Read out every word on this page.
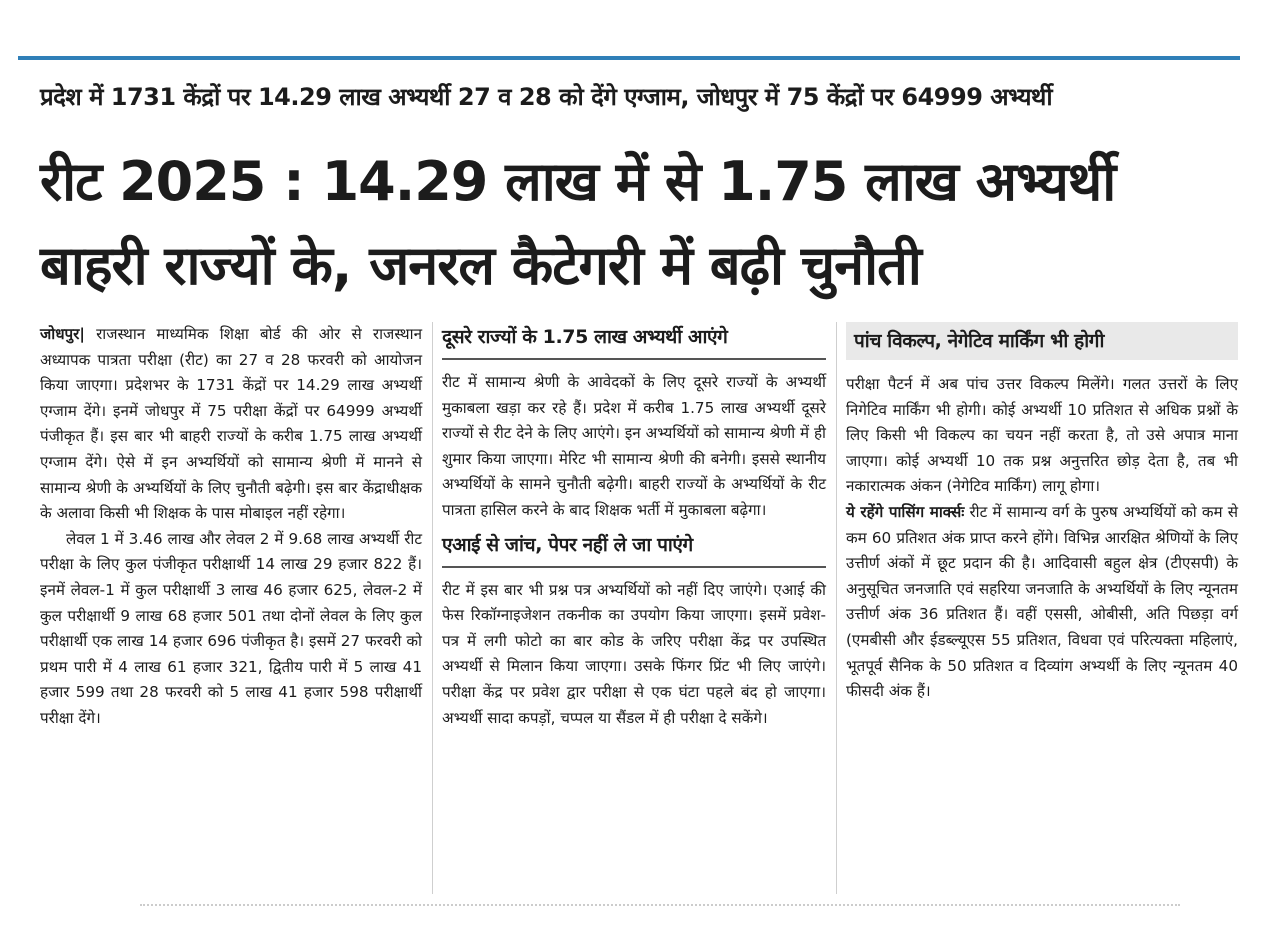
प्रदेश में 1731 केंद्रों पर 14.29 लाख अभ्यर्थी 27 व 28 को देंगे एग्जाम, जोधपुर में 75 केंद्रों पर 64999 अभ्यर्थी
रीट 2025 : 14.29 लाख में से 1.75 लाख अभ्यर्थी
बाहरी राज्यों के, जनरल कैटेगरी में बढ़ी चुनौती

जोधपुर| राजस्थान माध्यमिक शिक्षा बोर्ड की ओर से राजस्थान अध्यापक पात्रता परीक्षा (रीट) का 27 व 28 फरवरी को आयोजन किया जाएगा। प्रदेशभर के 1731 केंद्रों पर 14.29 लाख अभ्यर्थी एग्जाम देंगे। इनमें जोधपुर में 75 परीक्षा केंद्रों पर 64999 अभ्यर्थी पंजीकृत हैं। इस बार भी बाहरी राज्यों के करीब 1.75 लाख अभ्यर्थी एग्जाम देंगे। ऐसे में इन अभ्यर्थियों को सामान्य श्रेणी में मानने से सामान्य श्रेणी के अभ्यर्थियों के लिए चुनौती बढ़ेगी। इस बार केंद्राधीक्षक के अलावा किसी भी शिक्षक के पास मोबाइल नहीं रहेगा।

लेवल 1 में 3.46 लाख और लेवल 2 में 9.68 लाख अभ्यर्थी रीट परीक्षा के लिए कुल पंजीकृत परीक्षार्थी 14 लाख 29 हजार 822 हैं। इनमें लेवल-1 में कुल परीक्षार्थी 3 लाख 46 हजार 625, लेवल-2 में कुल परीक्षार्थी 9 लाख 68 हजार 501 तथा दोनों लेवल के लिए कुल परीक्षार्थी एक लाख 14 हजार 696 पंजीकृत है। इसमें 27 फरवरी को प्रथम पारी में 4 लाख 61 हजार 321, द्वितीय पारी में 5 लाख 41 हजार 599 तथा 28 फरवरी को 5 लाख 41 हजार 598 परीक्षार्थी परीक्षा देंगे।

दूसरे राज्यों के 1.75 लाख अभ्यर्थी आएंगे

रीट में सामान्य श्रेणी के आवेदकों के लिए दूसरे राज्यों के अभ्यर्थी मुकाबला खड़ा कर रहे हैं। प्रदेश में करीब 1.75 लाख अभ्यर्थी दूसरे राज्यों से रीट देने के लिए आएंगे। इन अभ्यर्थियों को सामान्य श्रेणी में ही शुमार किया जाएगा। मेरिट भी सामान्य श्रेणी की बनेगी। इससे स्थानीय अभ्यर्थियों के सामने चुनौती बढ़ेगी। बाहरी राज्यों के अभ्यर्थियों के रीट पात्रता हासिल करने के बाद शिक्षक भर्ती में मुकाबला बढ़ेगा।

एआई से जांच, पेपर नहीं ले जा पाएंगे

रीट में इस बार भी प्रश्न पत्र अभ्यर्थियों को नहीं दिए जाएंगे। एआई की फेस रिकॉग्नाइजेशन तकनीक का उपयोग किया जाएगा। इसमें प्रवेश-पत्र में लगी फोटो का बार कोड के जरिए परीक्षा केंद्र पर उपस्थित अभ्यर्थी से मिलान किया जाएगा। उसके फिंगर प्रिंट भी लिए जाएंगे। परीक्षा केंद्र पर प्रवेश द्वार परीक्षा से एक घंटा पहले बंद हो जाएगा। अभ्यर्थी सादा कपड़ों, चप्पल या सैंडल में ही परीक्षा दे सकेंगे।

पांच विकल्प, नेगेटिव मार्किंग भी होगी

परीक्षा पैटर्न में अब पांच उत्तर विकल्प मिलेंगे। गलत उत्तरों के लिए निगेटिव मार्किंग भी होगी। कोई अभ्यर्थी 10 प्रतिशत से अधिक प्रश्नों के लिए किसी भी विकल्प का चयन नहीं करता है, तो उसे अपात्र माना जाएगा। कोई अभ्यर्थी 10 तक प्रश्न अनुत्तरित छोड़ देता है, तब भी नकारात्मक अंकन (नेगेटिव मार्किंग) लागू होगा।

ये रहेंगे पासिंग मार्क्सः रीट में सामान्य वर्ग के पुरुष अभ्यर्थियों को कम से कम 60 प्रतिशत अंक प्राप्त करने होंगे। विभिन्न आरक्षित श्रेणियों के लिए उत्तीर्ण अंकों में छूट प्रदान की है। आदिवासी बहुल क्षेत्र (टीएसपी) के अनुसूचित जनजाति एवं सहरिया जनजाति के अभ्यर्थियों के लिए न्यूनतम उत्तीर्ण अंक 36 प्रतिशत हैं। वहीं एससी, ओबीसी, अति पिछड़ा वर्ग (एमबीसी और ईडब्ल्यूएस 55 प्रतिशत, विधवा एवं परित्यक्ता महिलाएं, भूतपूर्व सैनिक के 50 प्रतिशत व दिव्यांग अभ्यर्थी के लिए न्यूनतम 40 फीसदी अंक हैं।
